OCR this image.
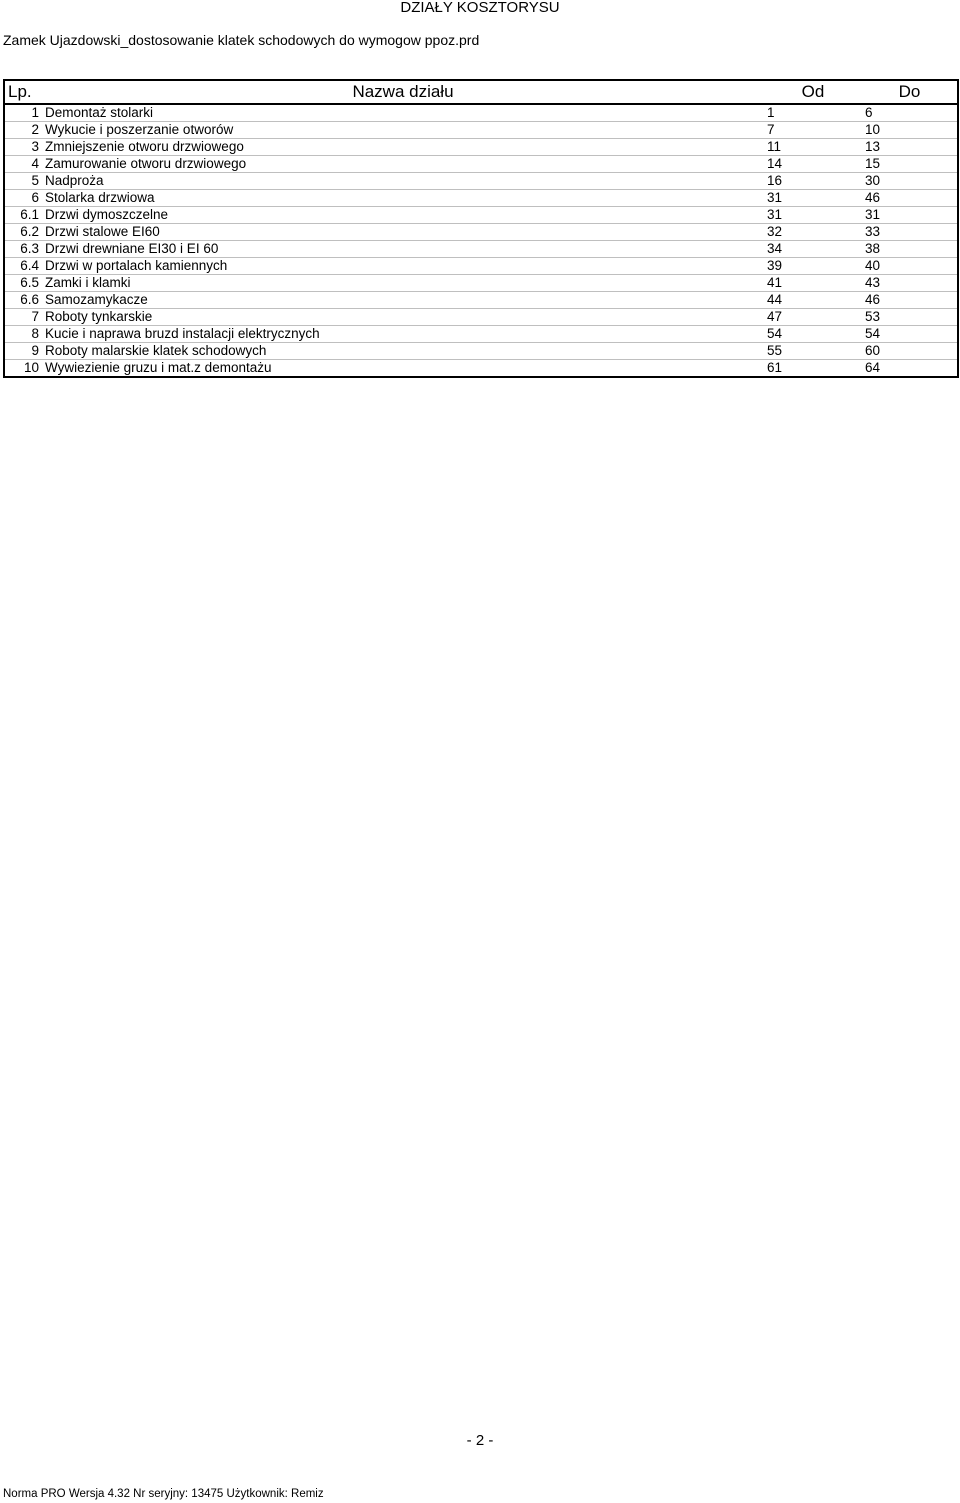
DZIAŁY KOSZTORYSU
Zamek Ujazdowski_dostosowanie klatek schodowych do wymogow ppoz.prd
Lp.	Nazwa działu	Od	Do
1	Demontaż stolarki	1	6
2	Wykucie i poszerzanie otworów	7	10
3	Zmniejszenie otworu drzwiowego	11	13
4	Zamurowanie otworu drzwiowego	14	15
5	Nadproża	16	30
6	Stolarka drzwiowa	31	46
6.1	Drzwi dymoszczelne	31	31
6.2	Drzwi stalowe EI60	32	33
6.3	Drzwi drewniane EI30 i EI 60	34	38
6.4	Drzwi w portalach kamiennych	39	40
6.5	Zamki i klamki	41	43
6.6	Samozamykacze	44	46
7	Roboty tynkarskie	47	53
8	Kucie i naprawa bruzd instalacji elektrycznych	54	54
9	Roboty malarskie klatek schodowych	55	60
10	Wywiezienie gruzu i mat.z demontażu	61	64
- 2 -
Norma PRO Wersja 4.32 Nr seryjny: 13475 Użytkownik: Remiz
